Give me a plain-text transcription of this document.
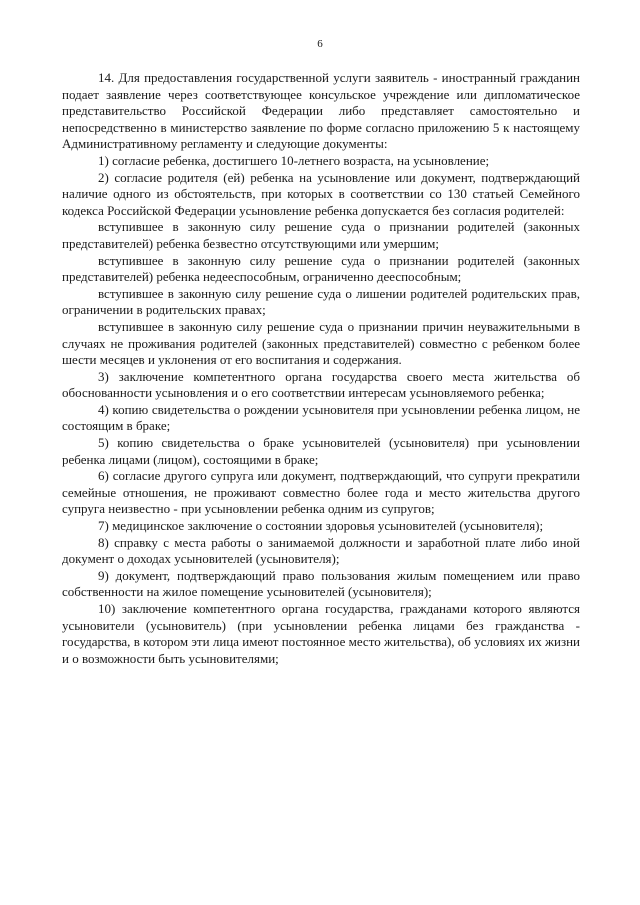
6

14. Для предоставления государственной услуги заявитель - иностранный гражданин подает заявление через соответствующее консульское учреждение или дипломатическое представительство Российской Федерации либо представляет самостоятельно и непосредственно в министерство заявление по форме согласно приложению 5 к настоящему Административному регламенту и следующие документы:

1) согласие ребенка, достигшего 10-летнего возраста, на усыновление;

2) согласие родителя (ей) ребенка на усыновление или документ, подтверждающий наличие одного из обстоятельств, при которых в соответствии со 130 статьей Семейного кодекса Российской Федерации усыновление ребенка допускается без согласия родителей:

вступившее в законную силу решение суда о признании родителей (законных представителей) ребенка безвестно отсутствующими или умершим;

вступившее в законную силу решение суда о признании родителей (законных представителей) ребенка недееспособным, ограниченно дееспособным;

вступившее в законную силу решение суда о лишении родителей родительских прав, ограничении в родительских правах;

вступившее в законную силу решение суда о признании причин неуважительными в случаях не проживания родителей (законных представителей) совместно с ребенком более шести месяцев и уклонения от его воспитания и содержания.

3) заключение компетентного органа государства своего места жительства об обоснованности усыновления и о его соответствии интересам усыновляемого ребенка;

4) копию свидетельства о рождении усыновителя при усыновлении ребенка лицом, не состоящим в браке;

5) копию свидетельства о браке усыновителей (усыновителя) при усыновлении ребенка лицами (лицом), состоящими в браке;

6) согласие другого супруга или документ, подтверждающий, что супруги прекратили семейные отношения, не проживают совместно более года и место жительства другого супруга неизвестно - при усыновлении ребенка одним из супругов;

7) медицинское заключение о состоянии здоровья усыновителей (усыновителя);

8) справку с места работы о занимаемой должности и заработной плате либо иной документ о доходах усыновителей (усыновителя);

9) документ, подтверждающий право пользования жилым помещением или право собственности на жилое помещение усыновителей (усыновителя);

10) заключение компетентного органа государства, гражданами которого являются усыновители (усыновитель) (при усыновлении ребенка лицами без гражданства - государства, в котором эти лица имеют постоянное место жительства), об условиях их жизни и о возможности быть усыновителями;
